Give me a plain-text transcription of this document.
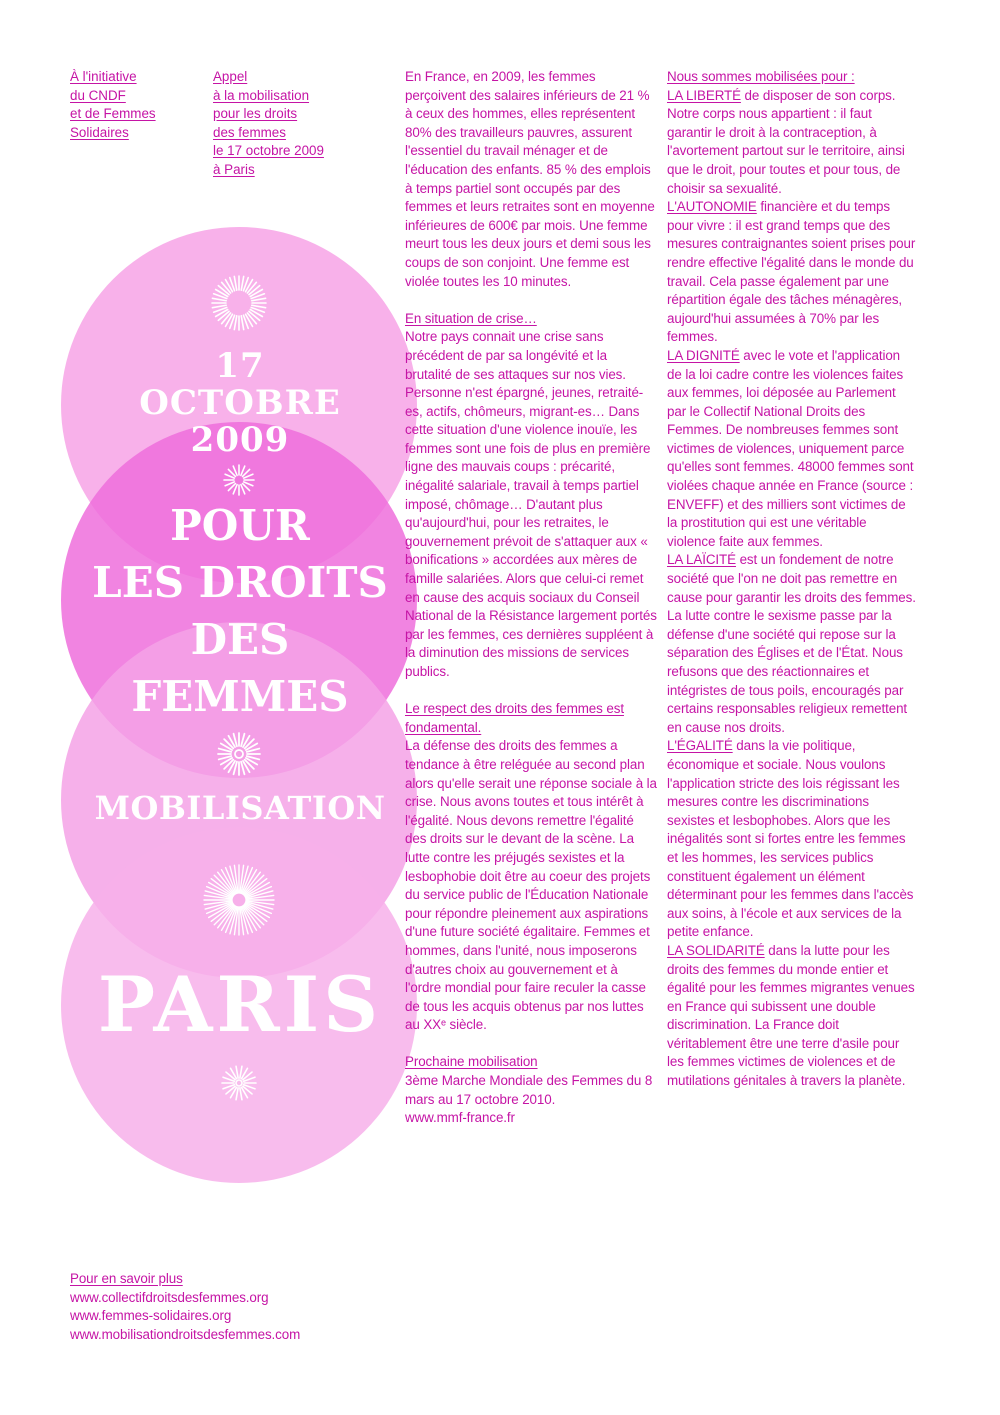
À l'initiative
du CNDF
et de Femmes
Solidaires
Appel
à la mobilisation
pour les droits
des femmes
le 17 octobre 2009
à Paris
17
OCTOBRE
2009
POUR
LES DROITS
DES
FEMMES
MOBILISATION
PARIS

En France, en 2009, les femmes perçoivent des salaires inférieurs de 21 % à ceux des hommes, elles représentent 80% des travailleurs pauvres, assurent l'essentiel du travail ménager et de l'éducation des enfants. 85 % des emplois à temps partiel sont occupés par des femmes et leurs retraites sont en moyenne inférieures de 600€ par mois. Une femme meurt tous les deux jours et demi sous les coups de son conjoint. Une femme est violée toutes les 10 minutes.

En situation de crise…

Notre pays connait une crise sans précédent de par sa longévité et la brutalité de ses attaques sur nos vies. Personne n'est épargné, jeunes, retraité-es, actifs, chômeurs, migrant-es… Dans cette situation d'une violence inouïe, les femmes sont une fois de plus en première ligne des mauvais coups : précarité, inégalité salariale, travail à temps partiel imposé, chômage… D'autant plus qu'aujourd'hui, pour les retraites, le gouvernement prévoit de s'attaquer aux « bonifications » accordées aux mères de famille salariées. Alors que celui-ci remet en cause des acquis sociaux du Conseil National de la Résistance largement portés par les femmes, ces dernières suppléent à la diminution des missions de services publics.

Le respect des droits des femmes est fondamental.

La défense des droits des femmes a tendance à être reléguée au second plan alors qu'elle serait une réponse sociale à la crise. Nous avons toutes et tous intérêt à l'égalité. Nous devons remettre l'égalité des droits sur le devant de la scène. La lutte contre les préjugés sexistes et la lesbophobie doit être au coeur des projets du service public de l'Éducation Nationale pour répondre pleinement aux aspirations d'une future société égalitaire. Femmes et hommes, dans l'unité, nous imposerons d'autres choix au gouvernement et à l'ordre mondial pour faire reculer la casse de tous les acquis obtenus par nos luttes au XXᵉ siècle.

Prochaine mobilisation

3ème Marche Mondiale des Femmes du 8 mars au 17 octobre 2010.

www.mmf-france.fr

Nous sommes mobilisées pour :

LA LIBERTÉ de disposer de son corps. Notre corps nous appartient : il faut garantir le droit à la contraception, à l'avortement partout sur le territoire, ainsi que le droit, pour toutes et pour tous, de choisir sa sexualité.

L'AUTONOMIE financière et du temps pour vivre : il est grand temps que des mesures contraignantes soient prises pour rendre effective l'égalité dans le monde du travail. Cela passe également par une répartition égale des tâches ménagères, aujourd'hui assumées à 70% par les femmes.

LA DIGNITÉ avec le vote et l'application de la loi cadre contre les violences faites aux femmes, loi déposée au Parlement par le Collectif National Droits des Femmes. De nombreuses femmes sont victimes de violences, uniquement parce qu'elles sont femmes. 48000 femmes sont violées chaque année en France (source : ENVEFF) et des milliers sont victimes de la prostitution qui est une véritable violence faite aux femmes.

LA LAÏCITÉ est un fondement de notre société que l'on ne doit pas remettre en cause pour garantir les droits des femmes. La lutte contre le sexisme passe par la défense d'une société qui repose sur la séparation des Églises et de l'État. Nous refusons que des réactionnaires et intégristes de tous poils, encouragés par certains responsables religieux remettent en cause nos droits.

L'ÉGALITÉ dans la vie politique, économique et sociale. Nous voulons l'application stricte des lois régissant les mesures contre les discriminations sexistes et lesbophobes. Alors que les inégalités sont si fortes entre les femmes et les hommes, les services publics constituent également un élément déterminant pour les femmes dans l'accès aux soins, à l'école et aux services de la petite enfance.

LA SOLIDARITÉ dans la lutte pour les droits des femmes du monde entier et égalité pour les femmes migrantes venues en France qui subissent une double discrimination. La France doit véritablement être une terre d'asile pour les femmes victimes de violences et de mutilations génitales à travers la planète.

Pour en savoir plus

www.collectifdroitsdesfemmes.org
www.femmes-solidaires.org
www.mobilisationdroitsdesfemmes.com
